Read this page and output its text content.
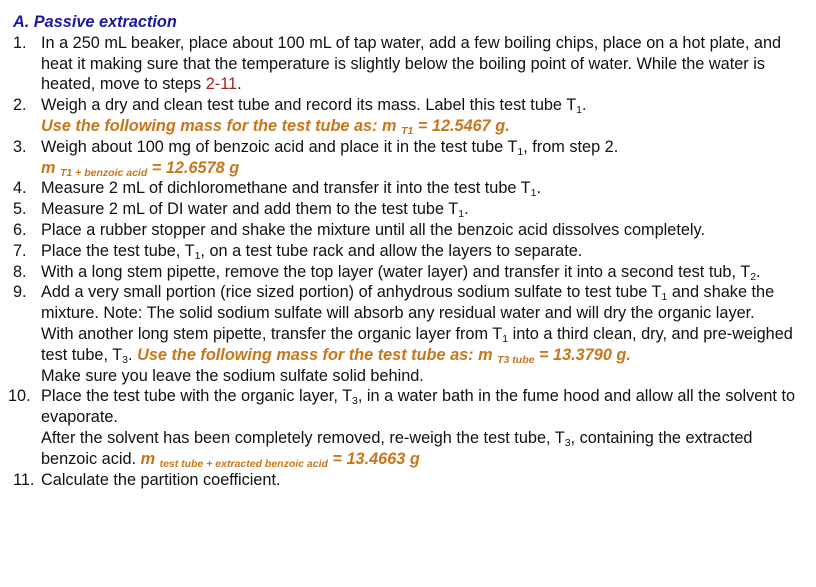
A. Passive extraction
1. In a 250 mL beaker, place about 100 mL of tap water, add a few boiling chips, place on a hot plate, and heat it making sure that the temperature is slightly below the boiling point of water. While the water is heated, move to steps 2-11.
2. Weigh a dry and clean test tube and record its mass. Label this test tube $T_1$.
Use the following mass for the test tube as: m T1 = 12.5467 g.
3. Weigh about 100 mg of benzoic acid and place it in the test tube $T_1$, from step 2.
m T1 + benzoic acid = 12.6578 g
4. Measure 2 mL of dichloromethane and transfer it into the test tube $T_1$.
5. Measure 2 mL of DI water and add them to the test tube $T_1$.
6. Place a rubber stopper and shake the mixture until all the benzoic acid dissolves completely.
7. Place the test tube, $T_1$, on a test tube rack and allow the layers to separate.
8. With a long stem pipette, remove the top layer (water layer) and transfer it into a second test tub, $T_2$.
9. Add a very small portion (rice sized portion) of anhydrous sodium sulfate to test tube $T_1$ and shake the mixture. Note: The solid sodium sulfate will absorb any residual water and will dry the organic layer.
With another long stem pipette, transfer the organic layer from $T_1$ into a third clean, dry, and pre-weighed test tube, $T_3$. Use the following mass for the test tube as: m T3 tube = 13.3790 g.
Make sure you leave the sodium sulfate solid behind.
10. Place the test tube with the organic layer, $T_3$, in a water bath in the fume hood and allow all the solvent to evaporate.
After the solvent has been completely removed, re-weigh the test tube, $T_3$, containing the extracted benzoic acid. m test tube + extracted benzoic acid = 13.4663 g
11. Calculate the partition coefficient.
